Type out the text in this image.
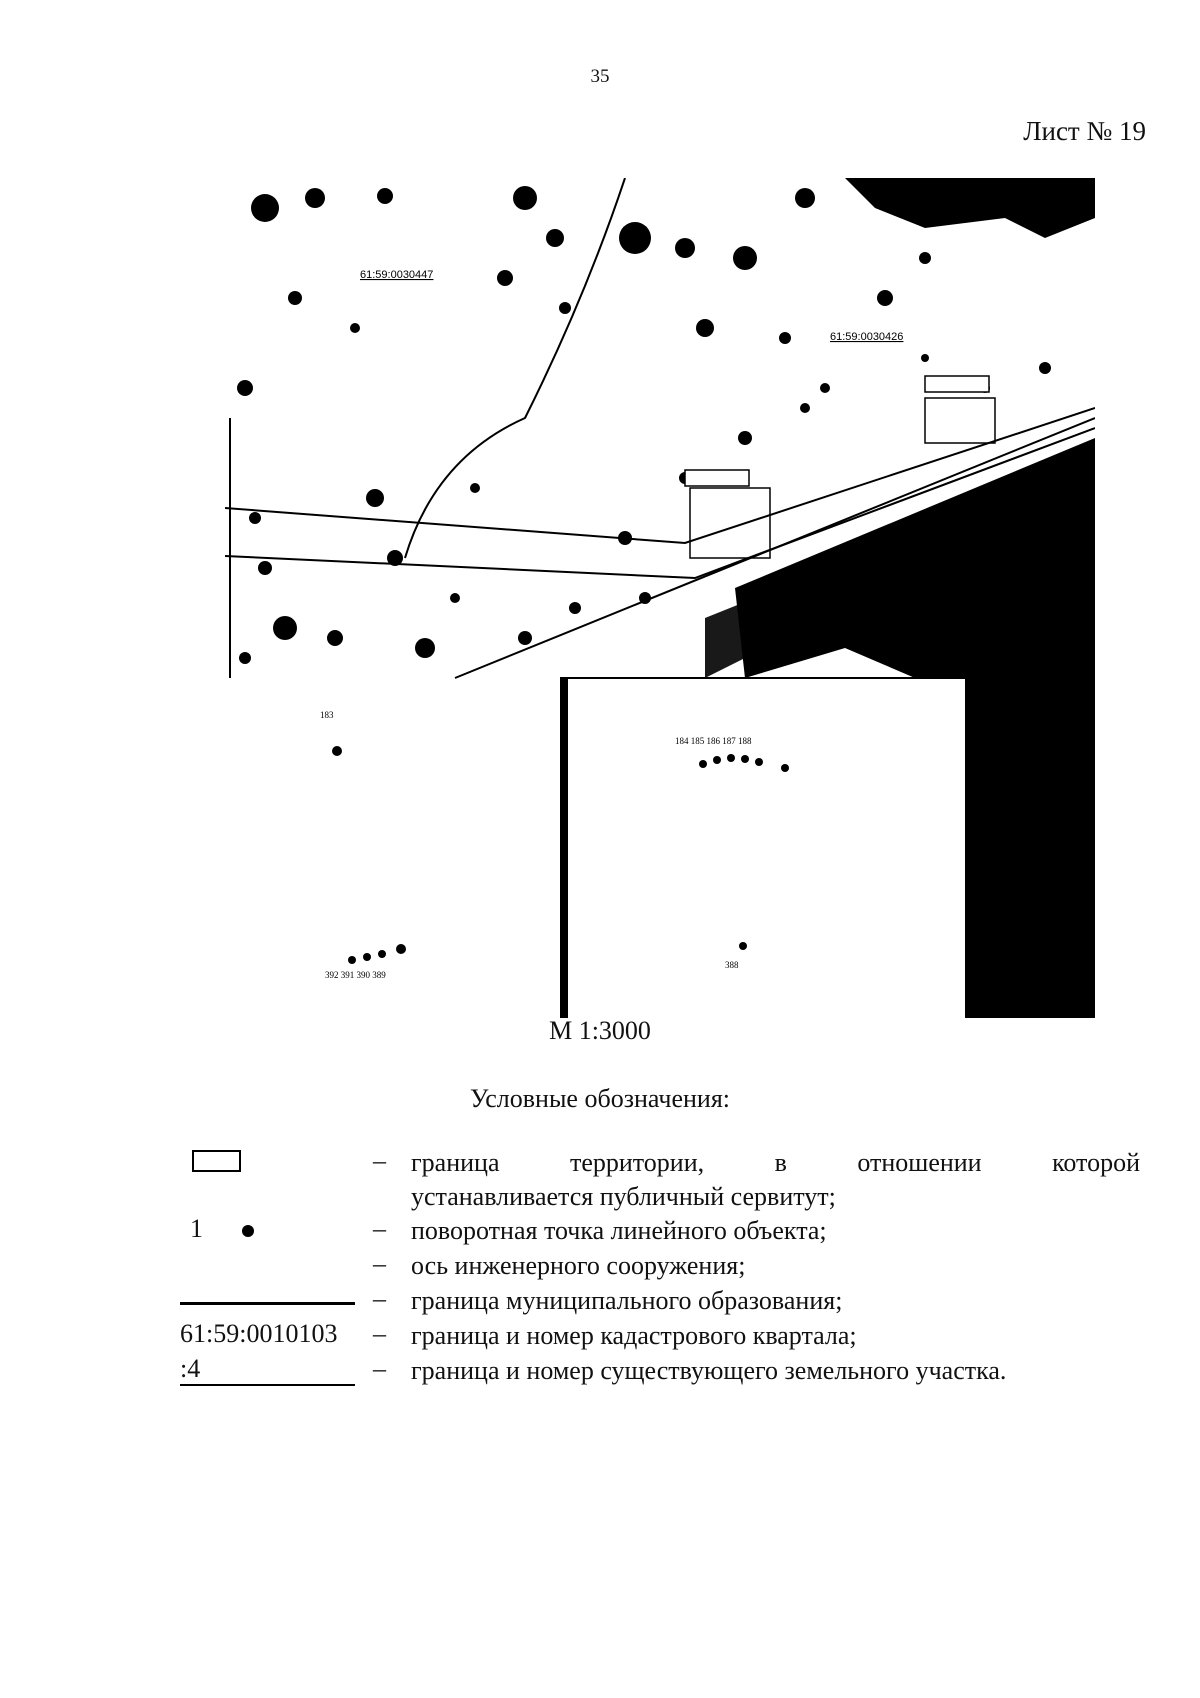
35
Лист № 19
61:59:0030447
61:59:0030426
183
184 185 186 187 188
392 391 390 389
388
М 1:3000
Условные обозначения:
– граница	территории,	в	отношении	которой
устанавливается публичный сервитут;
1	– поворотная точка линейного объекта;
– ось инженерного сооружения;
– граница муниципального образования;
61:59:0010103	– граница и номер кадастрового квартала;
:4	– граница и номер существующего земельного участка.
